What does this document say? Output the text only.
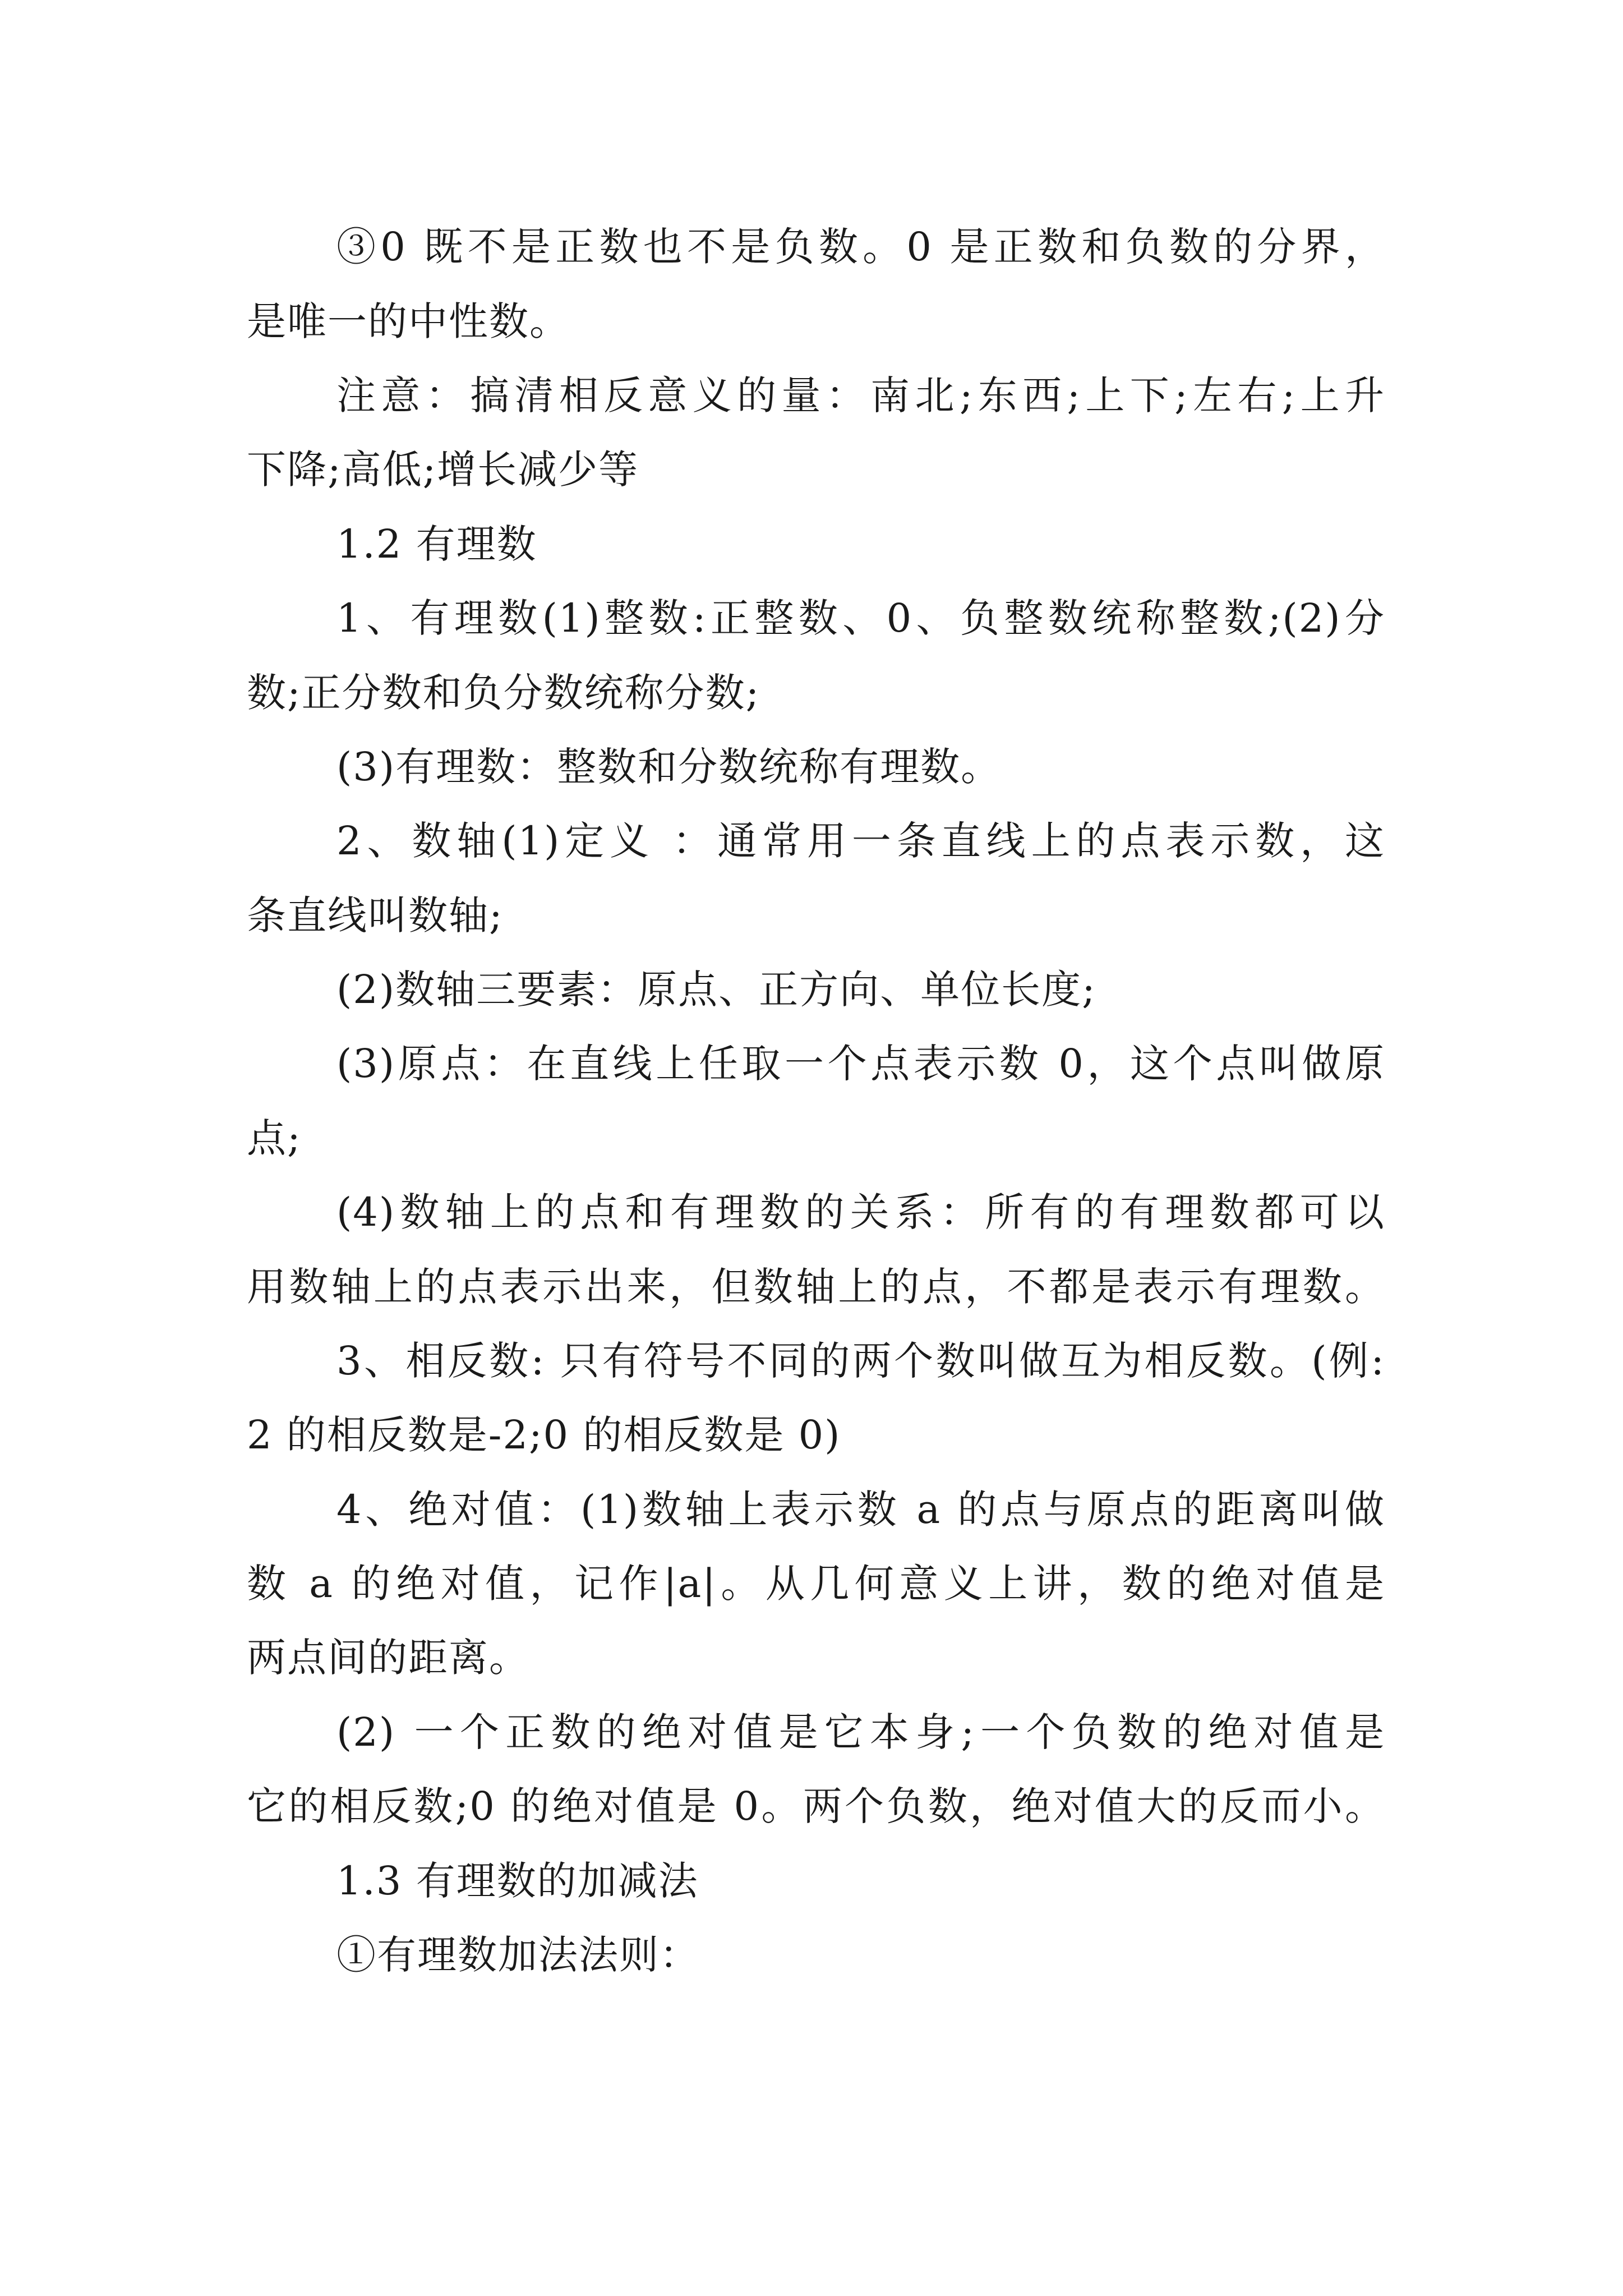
③0 既不是正数也不是负数。0 是正数和负数的分界，
是唯一的中性数。
注意：搞清相反意义的量：南北;东西;上下;左右;上升
下降;高低;增长减少等
1.2 有理数
1、有理数(1)整数:正整数、0、负整数统称整数;(2)分
数;正分数和负分数统称分数;
(3)有理数：整数和分数统称有理数。
2、数轴(1)定义 ：通常用一条直线上的点表示数，这
条直线叫数轴;
(2)数轴三要素：原点、正方向、单位长度;
(3)原点：在直线上任取一个点表示数 0，这个点叫做原
点;
(4)数轴上的点和有理数的关系：所有的有理数都可以
用数轴上的点表示出来，但数轴上的点，不都是表示有理数。
3、相反数: 只有符号不同的两个数叫做互为相反数。(例:
2 的相反数是-2;0 的相反数是 0)
4、绝对值：(1)数轴上表示数 a 的点与原点的距离叫做
数 a 的绝对值，记作|a|。从几何意义上讲，数的绝对值是
两点间的距离。
(2) 一个正数的绝对值是它本身;一个负数的绝对值是
它的相反数;0 的绝对值是 0。两个负数，绝对值大的反而小。
1.3 有理数的加减法
①有理数加法法则：
